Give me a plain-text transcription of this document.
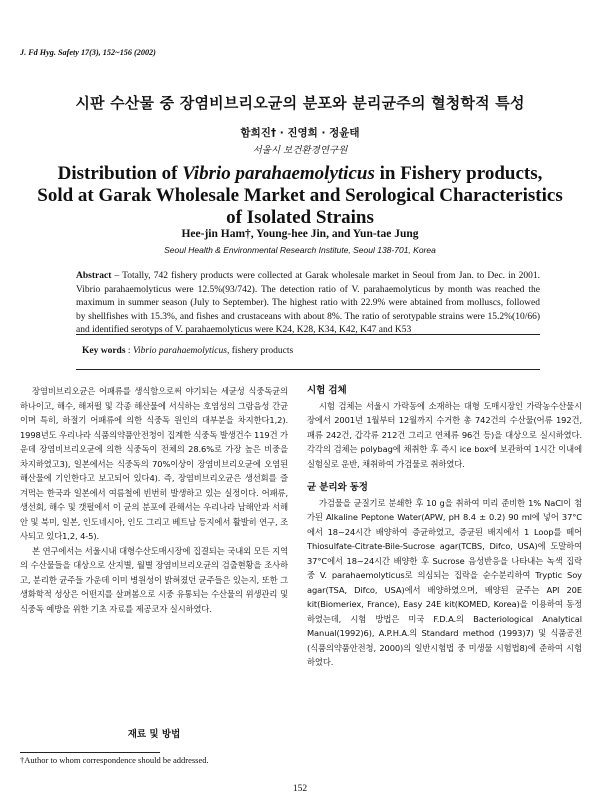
J. Fd Hyg. Safety 17(3), 152~156 (2002)
시판 수산물 중 장염비브리오균의 분포와 분리균주의 혈청학적 특성
함희진† · 진영희 · 정윤태
서울시 보건환경연구원
Distribution of Vibrio parahaemolyticus in Fishery products,
Sold at Garak Wholesale Market and Serological Characteristics
of Isolated Strains
Hee-jin Ham†, Young-hee Jin, and Yun-tae Jung
Seoul Health & Environmental Research Institute, Seoul 138-701, Korea
Abstract – Totally, 742 fishery products were collected at Garak wholesale market in Seoul from Jan. to Dec. in 2001. Vibrio parahaemolyticus were 12.5%(93/742). The detection ratio of V. parahaemolyticus by month was reached the maximum in summer season (July to September). The highest ratio with 22.9% were abtained from molluscs, followed by shellfishes with 15.3%, and fishes and crustaceans with about 8%. The ratio of serotypable strains were 15.2%(10/66) and identified serotyps of V. parahaemolyticus were K24, K28, K34, K42, K47 and K53
Key words : Vibrio parahaemolyticus, fishery products

장염비브리오균은 어패류를 생식함으로써 야기되는 세균성 식중독균의 하나이고, 해수, 해저펄 및 각종 해산물에 서식하는 호염성의 그람음성 간균이며 특히, 하절기 어패류에 의한 식중독 원인의 대부분을 차지한다1,2). 1998년도 우리나라 식품의약품안전청이 집계한 식중독 발생건수 119건 가운데 장염비브리오균에 의한 식중독이 전체의 28.6%로 가장 높은 비중을 차지하였고3), 일본에서는 식중독의 70%이상이 장염비브리오균에 오염된 해산물에 기인한다고 보고되어 있다4). 즉, 장염비브리오균은 생선회를 즐겨먹는 한국과 일본에서 여름철에 빈번히 발생하고 있는 실정이다. 어패류, 생선회, 해수 및 갯펄에서 이 균의 분포에 관해서는 우리나라 남해안과 서해안 및 북미, 일본, 인도네시아, 인도 그리고 베트남 등지에서 활발히 연구, 조사되고 있다1,2, 4-5).

본 연구에서는 서울시내 대형수산도매시장에 집결되는 국내외 모든 지역의 수산물들을 대상으로 산지별, 월별 장염비브리오균의 검출현황을 조사하고, 분리한 균주들 가운데 이미 병원성이 밝혀졌던 균주들은 있는지, 또한 그 생화학적 성상은 어떤지를 살펴봄으로 시중 유통되는 수산물의 위생관리 및 식중독 예방을 위한 기초 자료를 제공코자 실시하였다.

재료 및 방법
시험 검체

시험 검체는 서울시 가락동에 소재하는 대형 도매시장인 가락농수산물시장에서 2001년 1월부터 12월까지 수거한 총 742건의 수산물(어류 192건, 패류 242건, 갑각류 212건 그리고 연체류 96건 등)을 대상으로 실시하였다. 각각의 검체는 polybag에 채취한 후 즉시 ice box에 보관하여 1시간 이내에 실험실로 운반, 채취하여 가검물로 취하였다.

균 분리와 동정

가검물을 균질기로 분쇄한 후 10 g을 취하여 미리 준비한 1% NaCl이 첨가된 Alkaline Peptone Water(APW, pH 8.4 ± 0.2) 90 ml에 넣어 37°C에서 18~24시간 배양하여 증균하였고, 증균된 배지에서 1 Loop를 떼어 Thiosulfate-Citrate-Bile-Sucrose agar(TCBS, Difco, USA)에 도말하여 37°C에서 18~24시간 배양한 후 Sucrose 음성반응을 나타내는 녹색 집락 중 V. parahaemolyticus로 의심되는 집락을 순수분리하여 Tryptic Soy agar(TSA, Difco, USA)에서 배양하였으며, 배양된 균주는 API 20E kit(Biomeriex, France), Easy 24E kit(KOMED, Korea)을 이용하여 동정하였는데, 시험 방법은 미국 F.D.A.의 Bacteriological Analytical Manual(1992)6), A.P.H.A.의 Standard method (1993)7) 및 식품공전(식품의약품안전청, 2000)의 일반시험법 중 미생물 시험법8)에 준하여 시험하였다.

†Author to whom correspondence should be addressed.
152
